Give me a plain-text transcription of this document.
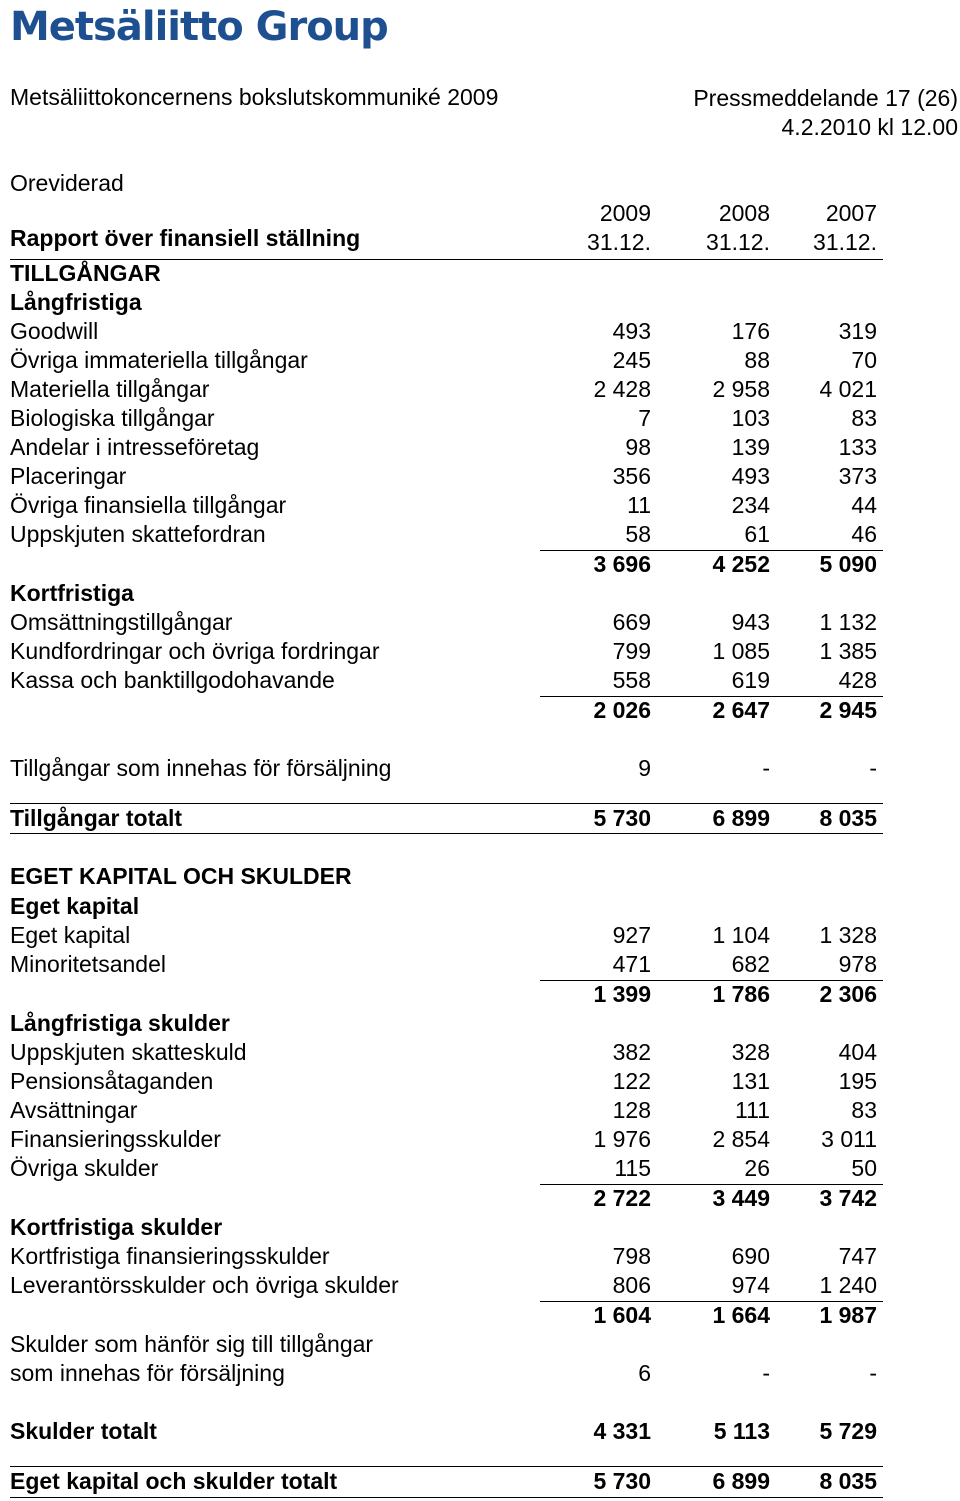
Metsäliitto Group
Metsäliittokoncernens bokslutskommuniké 2009	Pressmeddelande 17 (26)
4.2.2010 kl 12.00
Oreviderad
Rapport över finansiell ställning
2009	2008	2007
31.12.	31.12.	31.12.
TILLGÅNGAR
Långfristiga
Goodwill	493	176	319
Övriga immateriella tillgångar	245	88	70
Materiella tillgångar	2 428	2 958	4 021
Biologiska tillgångar	7	103	83
Andelar i intresseföretag	98	139	133
Placeringar	356	493	373
Övriga finansiella tillgångar	11	234	44
Uppskjuten skattefordran	58	61	46
3 696	4 252	5 090
Kortfristiga
Omsättningstillgångar	669	943	1 132
Kundfordringar och övriga fordringar	799	1 085	1 385
Kassa och banktillgodohavande	558	619	428
2 026	2 647	2 945
Tillgångar som innehas för försäljning	9	-	-
Tillgångar totalt	5 730	6 899	8 035
EGET KAPITAL OCH SKULDER
Eget kapital
Eget kapital	927	1 104	1 328
Minoritetsandel	471	682	978
1 399	1 786	2 306
Långfristiga skulder
Uppskjuten skatteskuld	382	328	404
Pensionsåtaganden	122	131	195
Avsättningar	128	111	83
Finansieringsskulder	1 976	2 854	3 011
Övriga skulder	115	26	50
2 722	3 449	3 742
Kortfristiga skulder
Kortfristiga finansieringsskulder	798	690	747
Leverantörsskulder och övriga skulder	806	974	1 240
1 604	1 664	1 987
Skulder som hänför sig till tillgångar
som innehas för försäljning	6	-	-
Skulder totalt	4 331	5 113	5 729
Eget kapital och skulder totalt	5 730	6 899	8 035
